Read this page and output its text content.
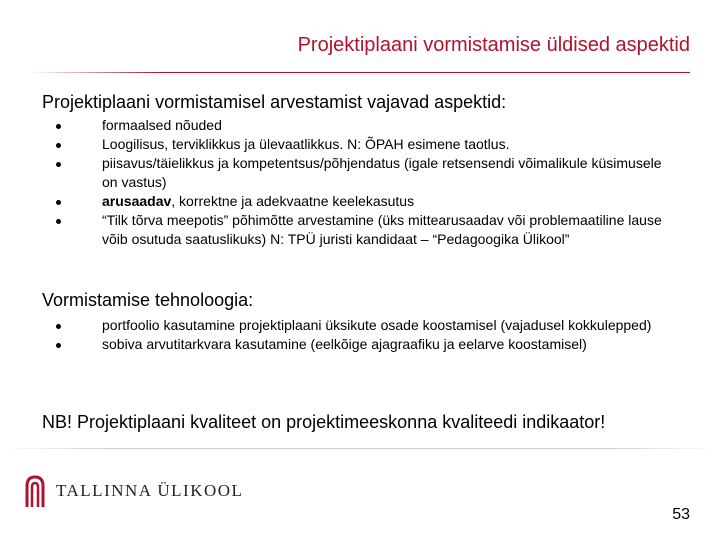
Projektiplaani vormistamise üldised aspektid
Projektiplaani vormistamisel arvestamist vajavad aspektid:
formaalsed nõuded
Loogilisus, terviklikkus ja ülevaatlikkus. N: ÕPAH esimene taotlus.
piisavus/täielikkus ja kompetentsus/põhjendatus (igale retsensendi võimalikule küsimusele on vastus)
arusaadav, korrektne ja adekvaatne keelekasutus
“Tilk tõrva meepotis” põhimõtte arvestamine (üks mittearusaadav või problemaatiline lause võib osutuda saatuslikuks) N: TPÜ juristi kandidaat – “Pedagoogika Ülikool”
Vormistamise tehnoloogia:
portfoolio kasutamine projektiplaani üksikute osade koostamisel (vajadusel kokkulepped)
sobiva arvutitarkvara kasutamine (eelkõige ajagraafiku ja eelarve koostamisel)
NB! Projektiplaani kvaliteet on projektimeeskonna kvaliteedi indikaator!
TALLINNA ÜLIKOOL
53
